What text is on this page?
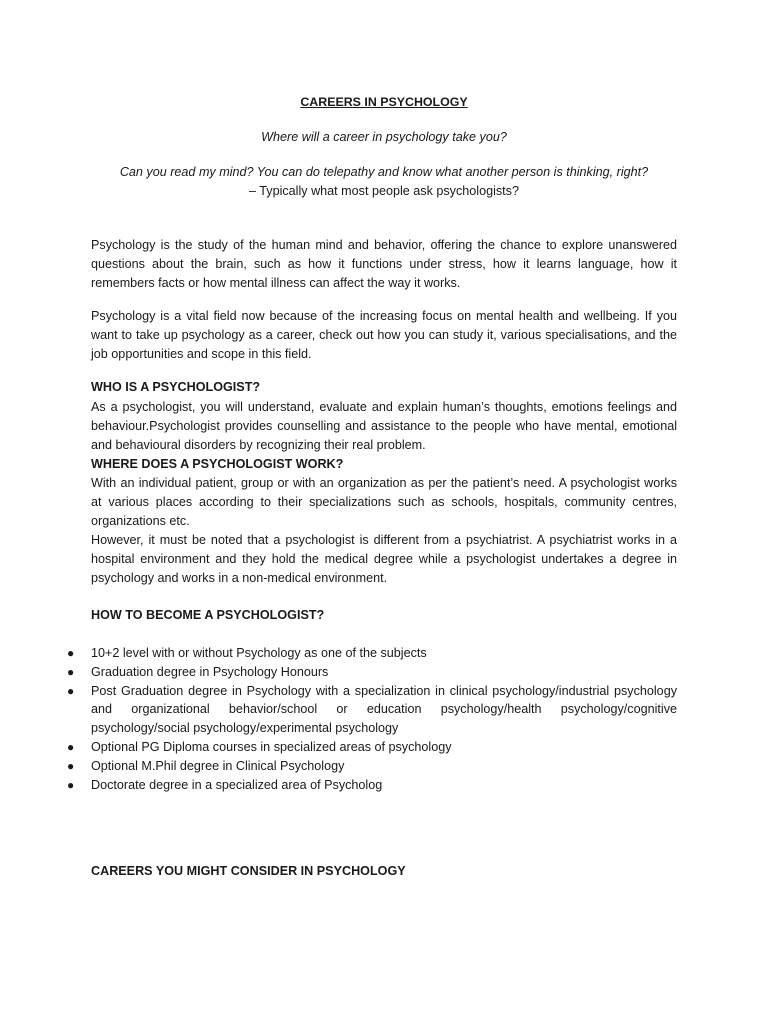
CAREERS IN PSYCHOLOGY
Where will a career in psychology take you?
Can you read my mind? You can do telepathy and know what another person is thinking, right?
– Typically what most people ask psychologists?
Psychology is the study of the human mind and behavior, offering the chance to explore unanswered questions about the brain, such as how it functions under stress, how it learns language, how it remembers facts or how mental illness can affect the way it works.
Psychology is a vital field now because of the increasing focus on mental health and wellbeing. If you want to take up psychology as a career, check out how you can study it, various specialisations, and the job opportunities and scope in this field.
WHO IS A PSYCHOLOGIST?
As a psychologist, you will understand, evaluate and explain human’s thoughts, emotions feelings and behaviour.Psychologist provides counselling and assistance to the people who have mental, emotional and behavioural disorders by recognizing their real problem.
WHERE DOES A PSYCHOLOGIST WORK?
With an individual patient, group or with an organization as per the patient’s need. A psychologist works at various places according to their specializations such as schools, hospitals, community centres, organizations etc.
However, it must be noted that a psychologist is different from a psychiatrist. A psychiatrist works in a hospital environment and they hold the medical degree while a psychologist undertakes a degree in psychology and works in a non-medical environment.
HOW TO BECOME A PSYCHOLOGIST?
● 10+2 level with or without Psychology as one of the subjects
● Graduation degree in Psychology Honours
● Post Graduation degree in Psychology with a specialization in clinical psychology/industrial psychology and organizational behavior/school or education psychology/health psychology/cognitive psychology/social psychology/experimental psychology
● Optional PG Diploma courses in specialized areas of psychology
● Optional M.Phil degree in Clinical Psychology
● Doctorate degree in a specialized area of Psycholog
CAREERS YOU MIGHT CONSIDER IN PSYCHOLOGY
